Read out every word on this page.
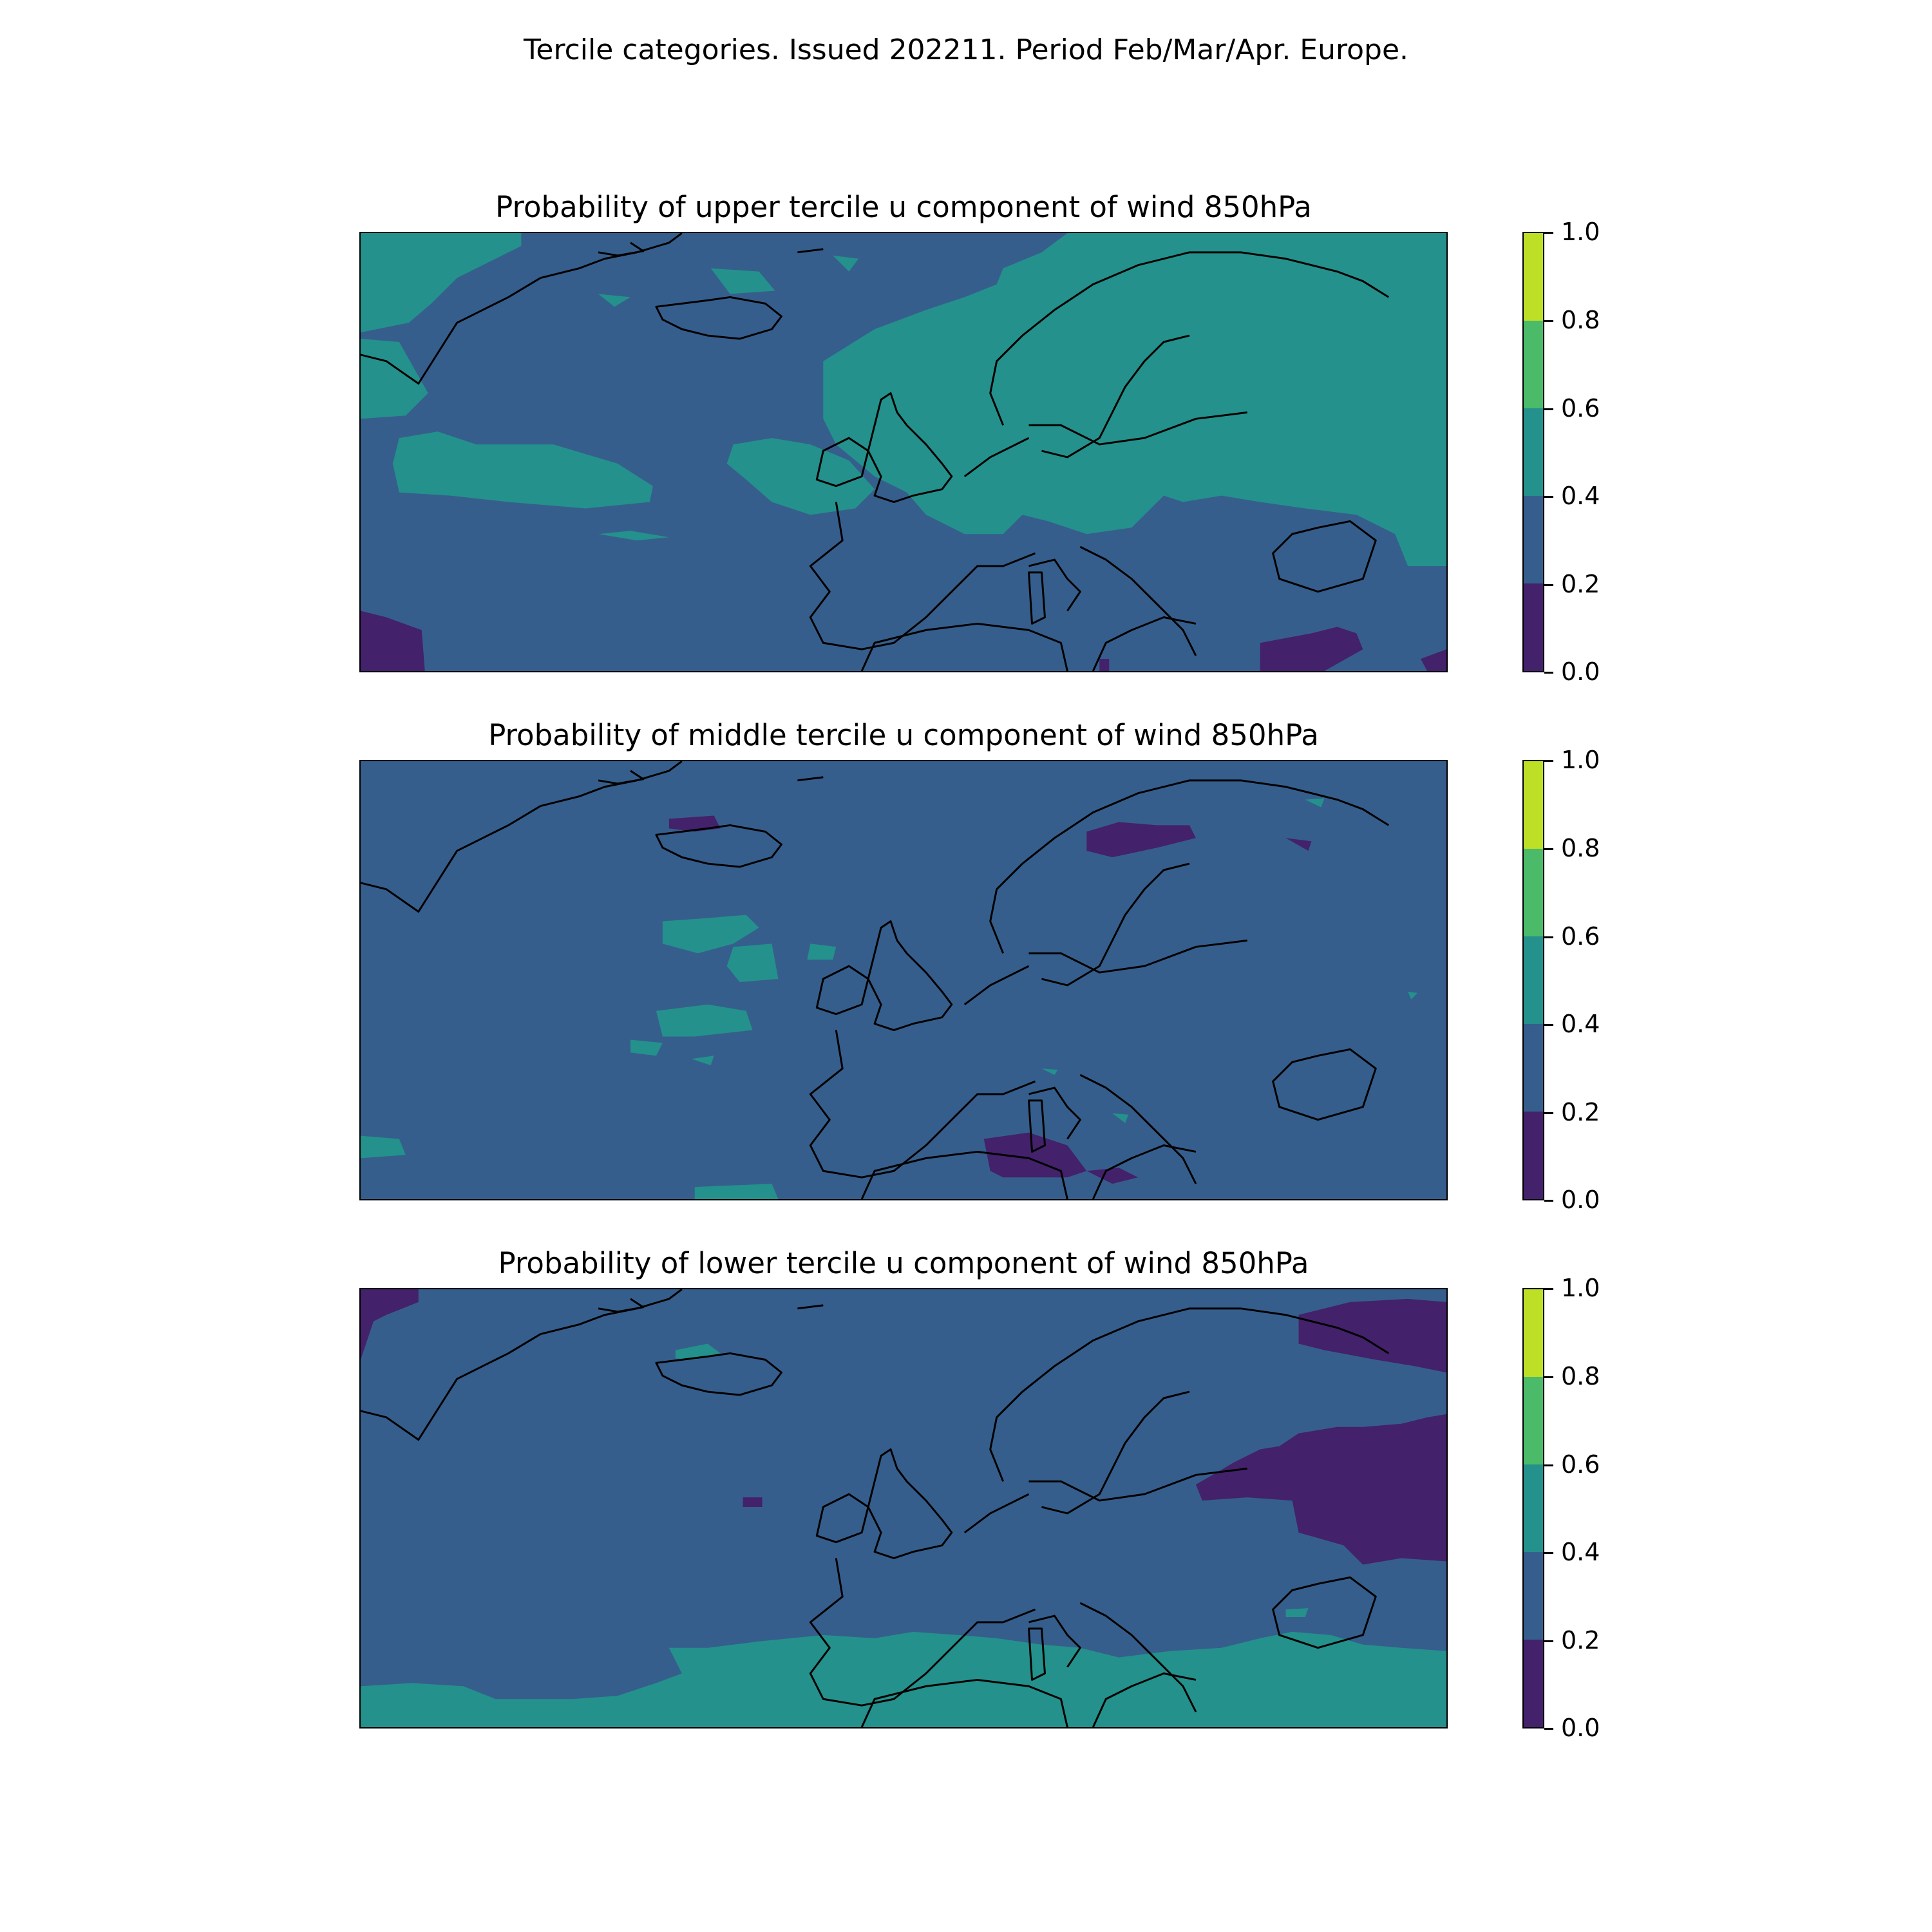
Tercile categories. Issued 202211. Period Feb/Mar/Apr. Europe.
Probability of upper tercile u component of wind 850hPa
1.0
0.8
0.6
0.4
0.2
0.0
Probability of middle tercile u component of wind 850hPa
1.0
0.8
0.6
0.4
0.2
0.0
Probability of lower tercile u component of wind 850hPa
1.0
0.8
0.6
0.4
0.2
0.0
